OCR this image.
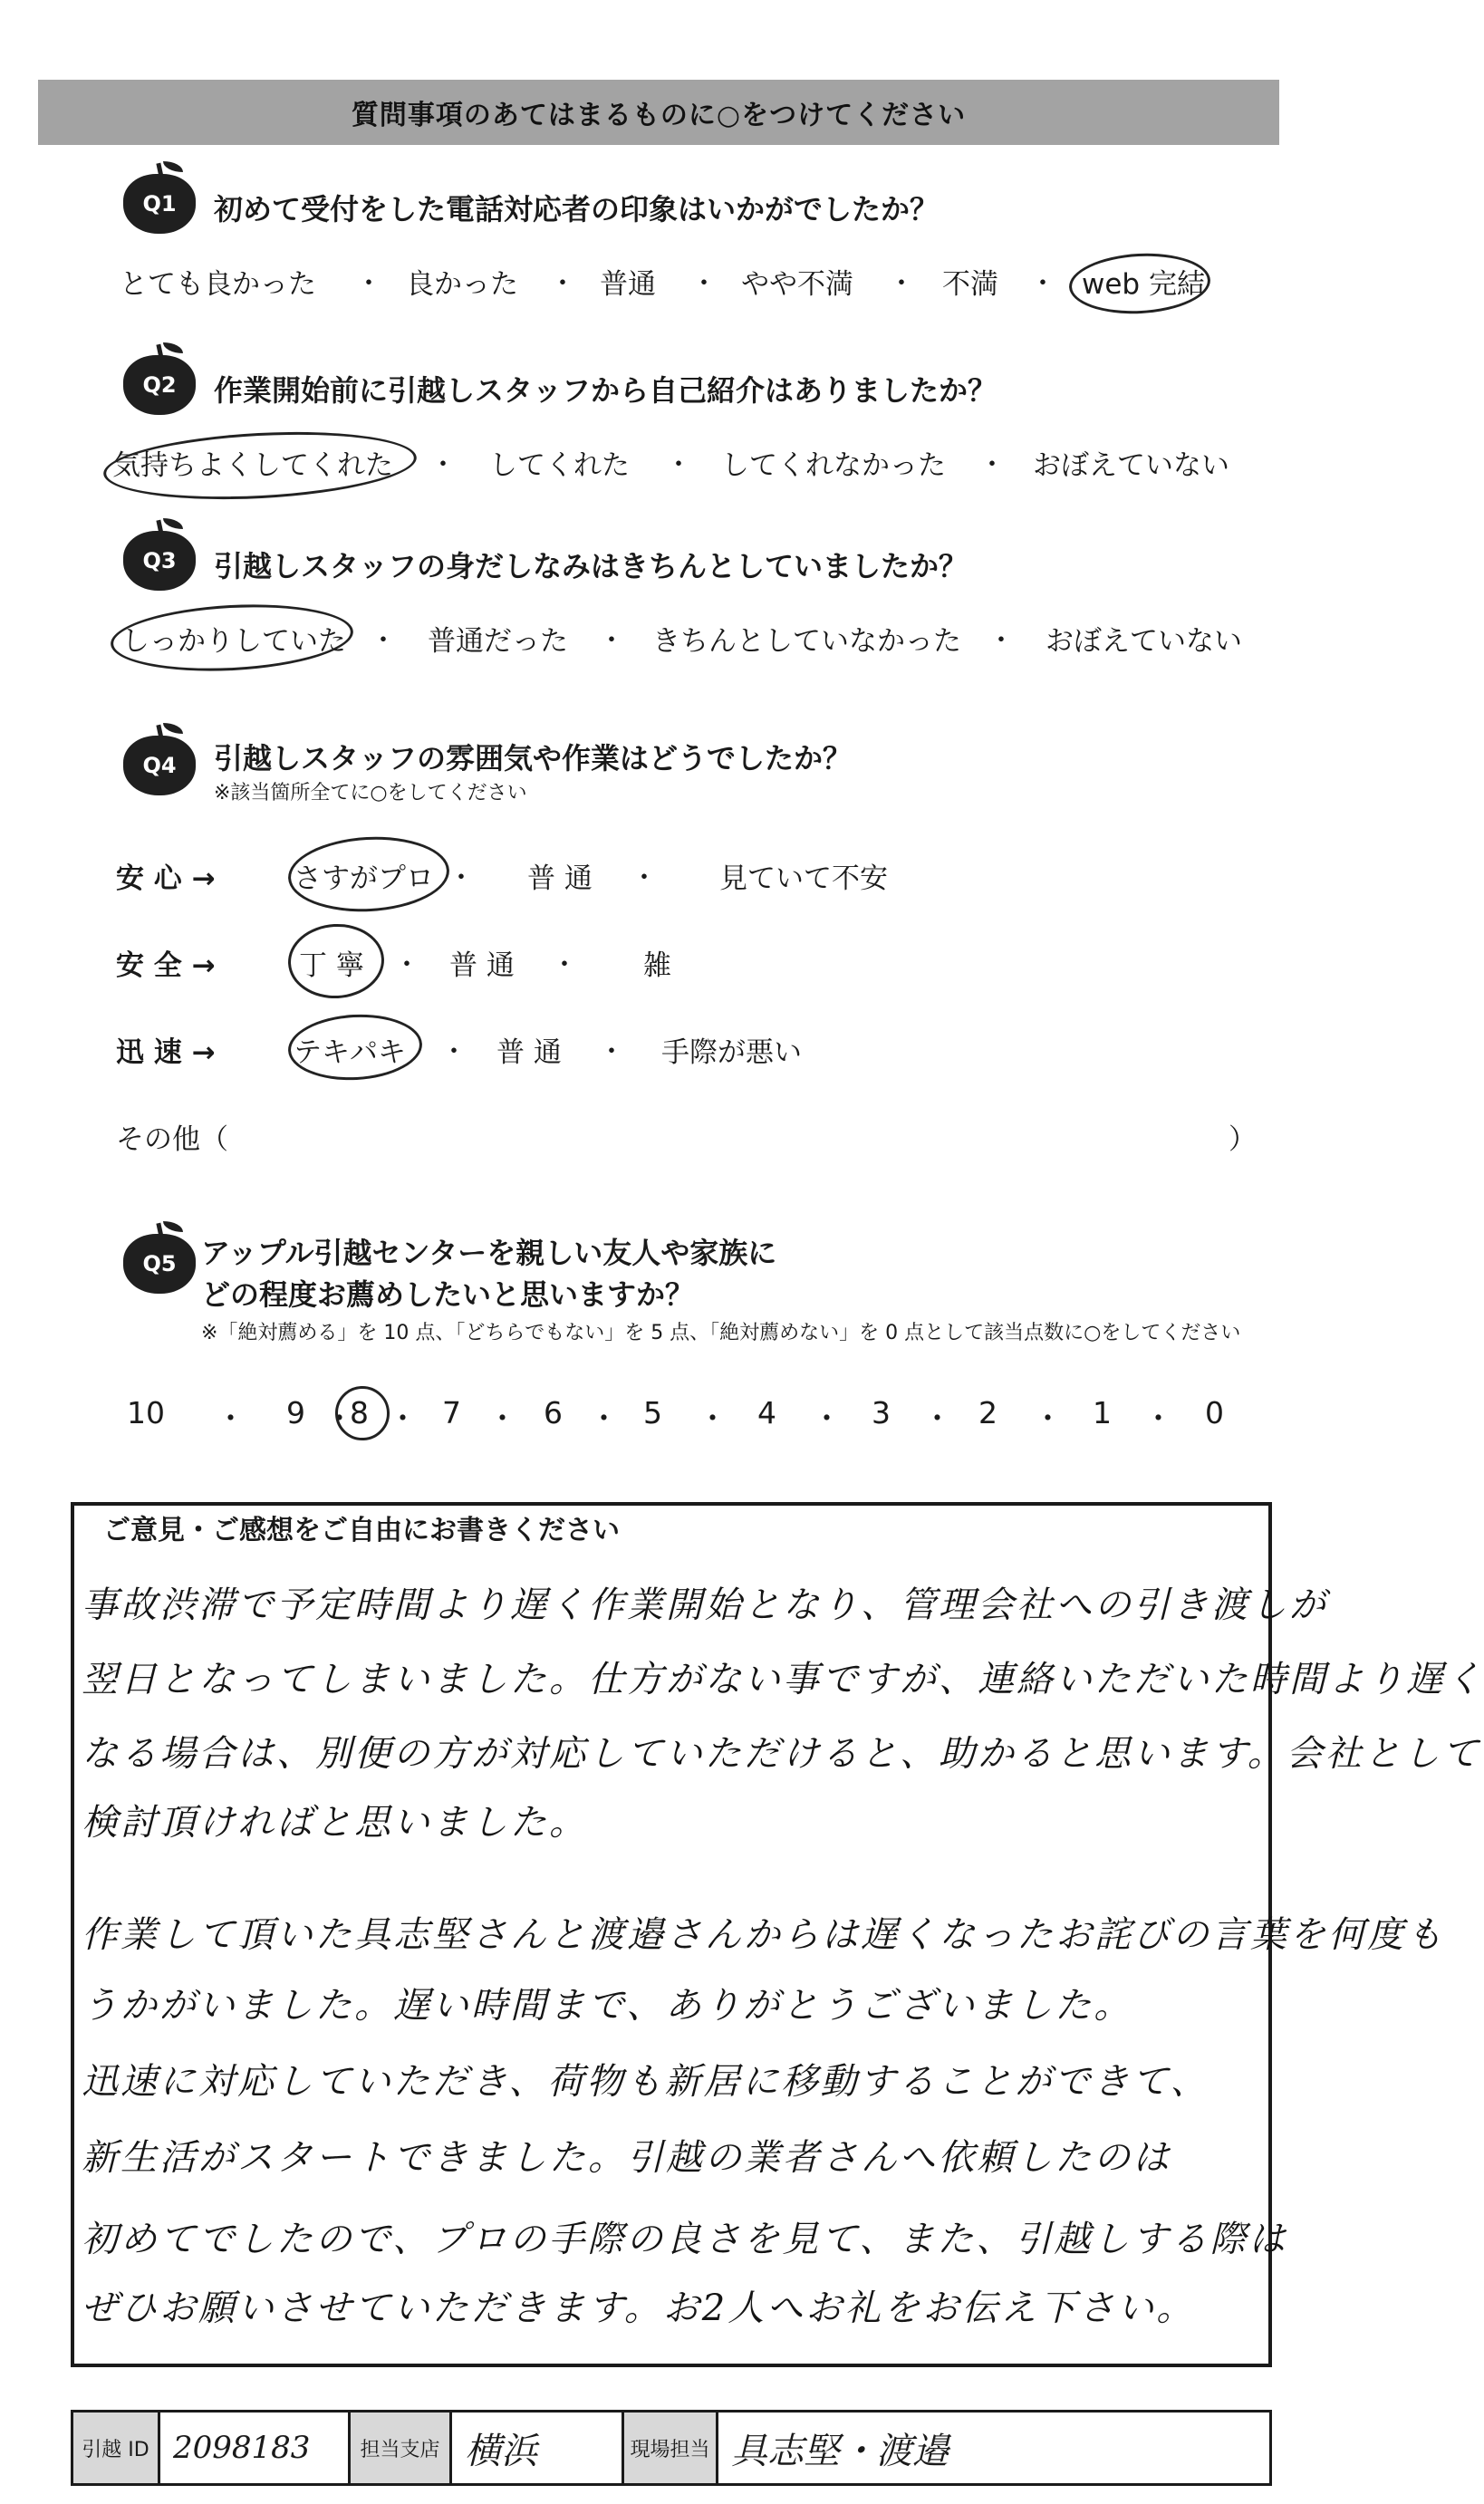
質問事項のあてはまるものに○をつけてください
Q1	初めて受付をした電話対応者の印象はいかがでしたか？
とても良かった ・ 良かった ・ 普通 ・ やや不満 ・ 不満 ・ web 完結
Q2	作業開始前に引越しスタッフから自己紹介はありましたか？
気持ちよくしてくれた ・ してくれた ・ してくれなかった ・ おぼえていない
Q3	引越しスタッフの身だしなみはきちんとしていましたか？
しっかりしていた ・ 普通だった ・ きちんとしていなかった ・ おぼえていない
Q4	引越しスタッフの雰囲気や作業はどうでしたか？
※該当箇所全てに○をしてください
安 心 →	さすがプロ ・ 普 通 ・ 見ていて不安
安 全 →	丁 寧 ・ 普 通 ・ 雑
迅 速 →	テキパキ ・ 普 通 ・ 手際が悪い
その他（	）
Q5 アップル引越センターを親しい友人や家族に
どの程度お薦めしたいと思いますか？
※「絶対薦める」を 10 点、「どちらでもない」を 5 点、「絶対薦めない」を 0 点として該当点数に○をしてください
10 ・ 9 ・
8 ・ 7 ・ 6 ・ 5 ・ 4 ・ 3 ・ 2 ・ 1 ・ 0
ご意見・ご感想をご自由にお書きください
事故渋滞で予定時間より遅く作業開始となり、管理会社への引き渡しが
翌日となってしまいました。仕方がない事ですが、連絡いただいた時間より遅く
なる場合は、別便の方が対応していただけると、助かると思います。会社として
検討頂ければと思いました。
作業して頂いた具志堅さんと渡邉さんからは遅くなったお詫びの言葉を何度も
うかがいました。遅い時間まで、ありがとうございました。
迅速に対応していただき、荷物も新居に移動することができて、
新生活がスタートできました。引越の業者さんへ依頼したのは
初めてでしたので、プロの手際の良さを見て、また、引越しする際は
ぜひお願いさせていただきます。お2人へお礼をお伝え下さい。
引越 ID 2098183	担当支店 横浜	現場担当 具志堅・渡邉
